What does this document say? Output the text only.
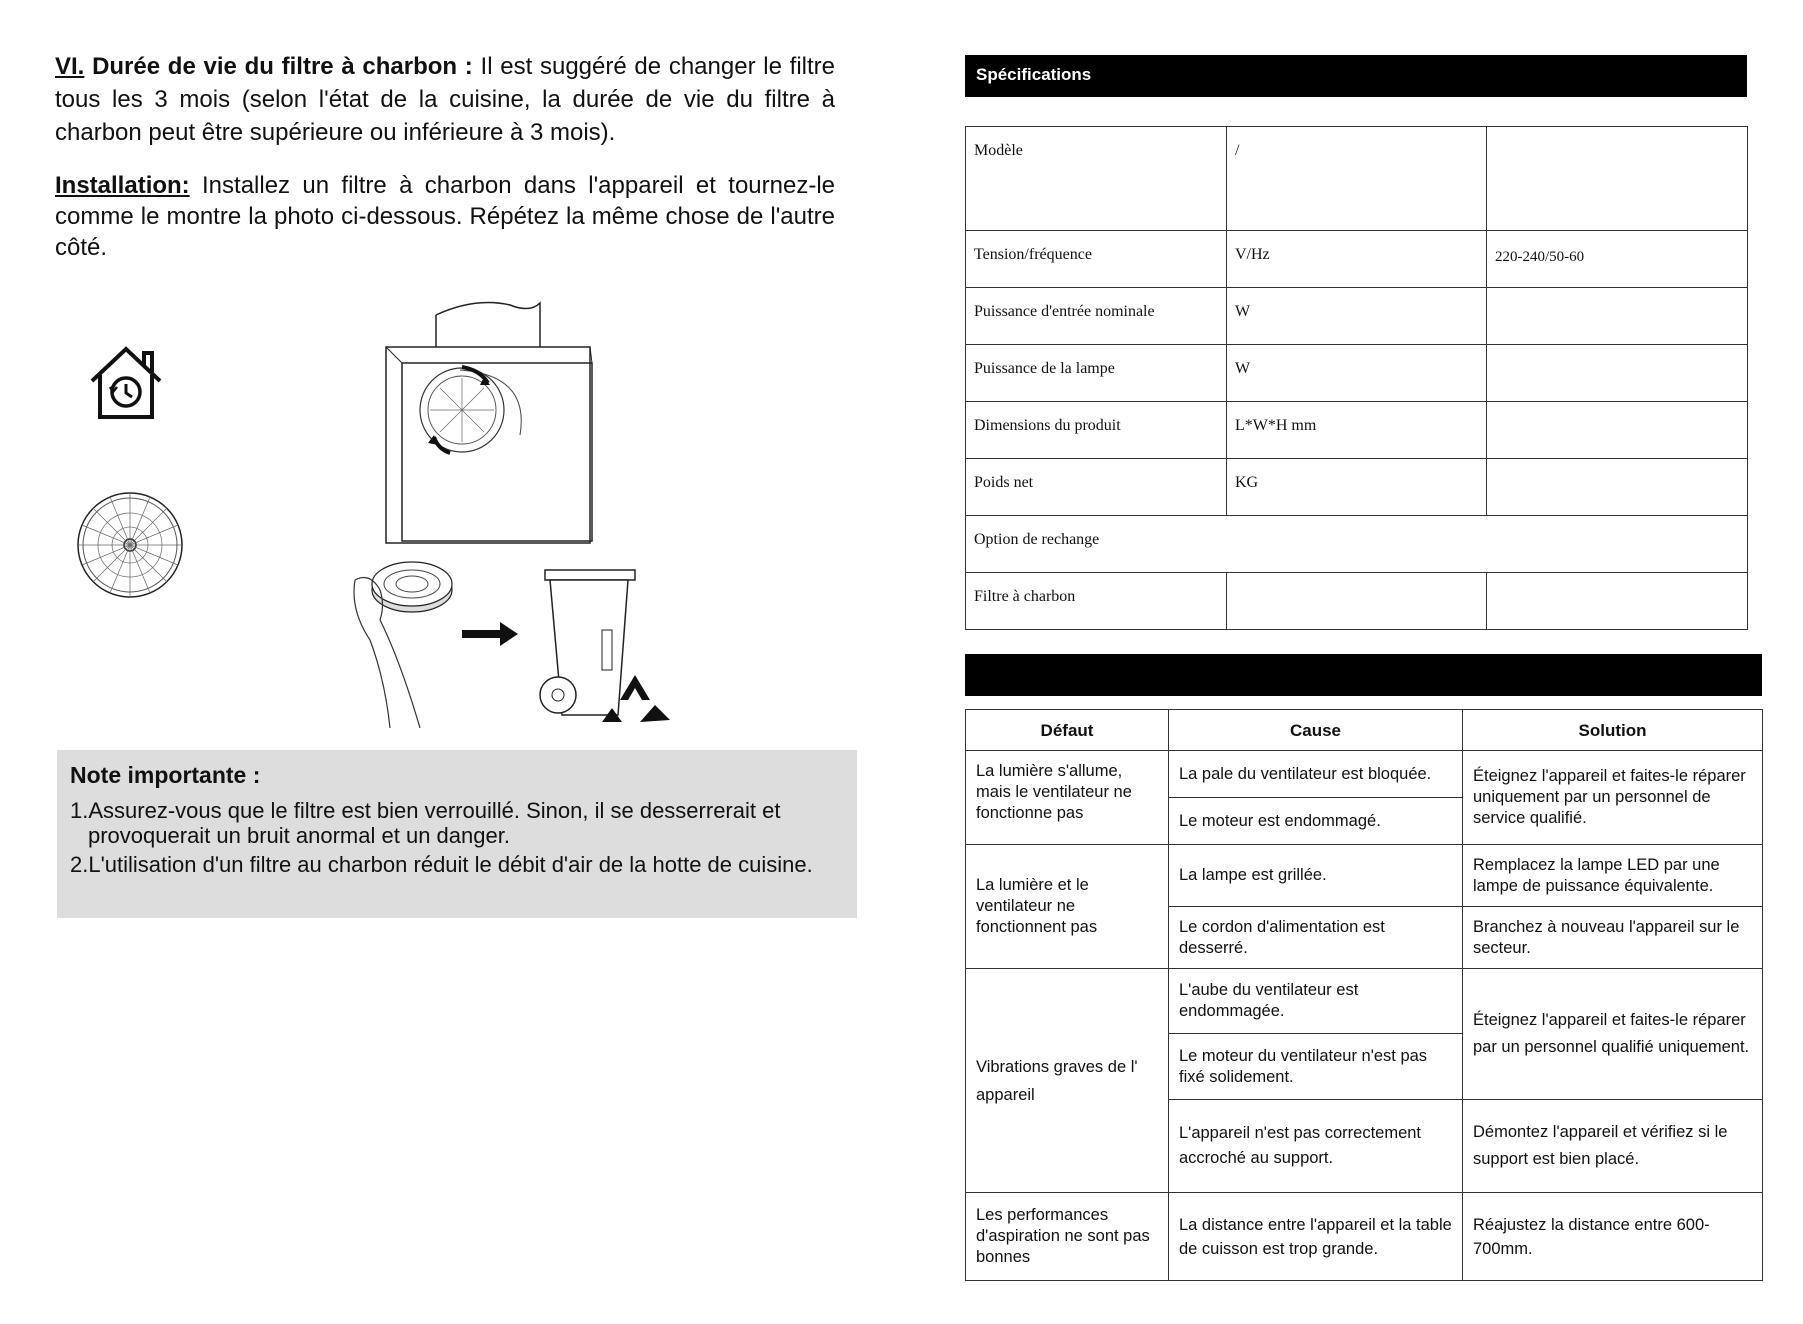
VI. Durée de vie du filtre à charbon : Il est suggéré de changer le filtre tous les 3 mois (selon l'état de la cuisine, la durée de vie du filtre à charbon peut être supérieure ou inférieure à 3 mois).

Installation: Installez un filtre à charbon dans l'appareil et tournez-le comme le montre la photo ci-dessous. Répétez la même chose de l'autre côté.

Note importante :
1.Assurez-vous que le filtre est bien verrouillé. Sinon, il se desserrerait et provoquerait un bruit anormal et un danger.
2.L'utilisation d'un filtre au charbon réduit le débit d'air de la hotte de cuisine.
Spécifications
Modèle	/	

Tension/fréquence	V/Hz	220-240/50-60

Puissance d'entrée nominale	W	

Puissance de la lampe	W	

Dimensions du produit	L*W*H mm	

Poids net	KG	

Option de rechange		

Filtre à charbon		

Défaut	Cause	Solution
La lumière s'allume, mais le ventilateur ne fonctionne pas	La pale du ventilateur est bloquée.	Éteignez l'appareil et faites-le réparer uniquement par un personnel de service qualifié.
	Le moteur est endommagé.	
La lumière et le ventilateur ne fonctionnent pas	La lampe est grillée.	Remplacez la lampe LED par une lampe de puissance équivalente.
	Le cordon d'alimentation est desserré.	Branchez à nouveau l'appareil sur le secteur.
Vibrations graves de l' appareil	L'aube du ventilateur est endommagée.	Éteignez l'appareil et faites-le réparer par un personnel qualifié uniquement.
	Le moteur du ventilateur n'est pas fixé solidement.	
	L'appareil n'est pas correctement accroché au support.	Démontez l'appareil et vérifiez si le support est bien placé.
Les performances d'aspiration ne sont pas bonnes	La distance entre l'appareil et la table de cuisson est trop grande.	Réajustez la distance entre 600-700mm.
